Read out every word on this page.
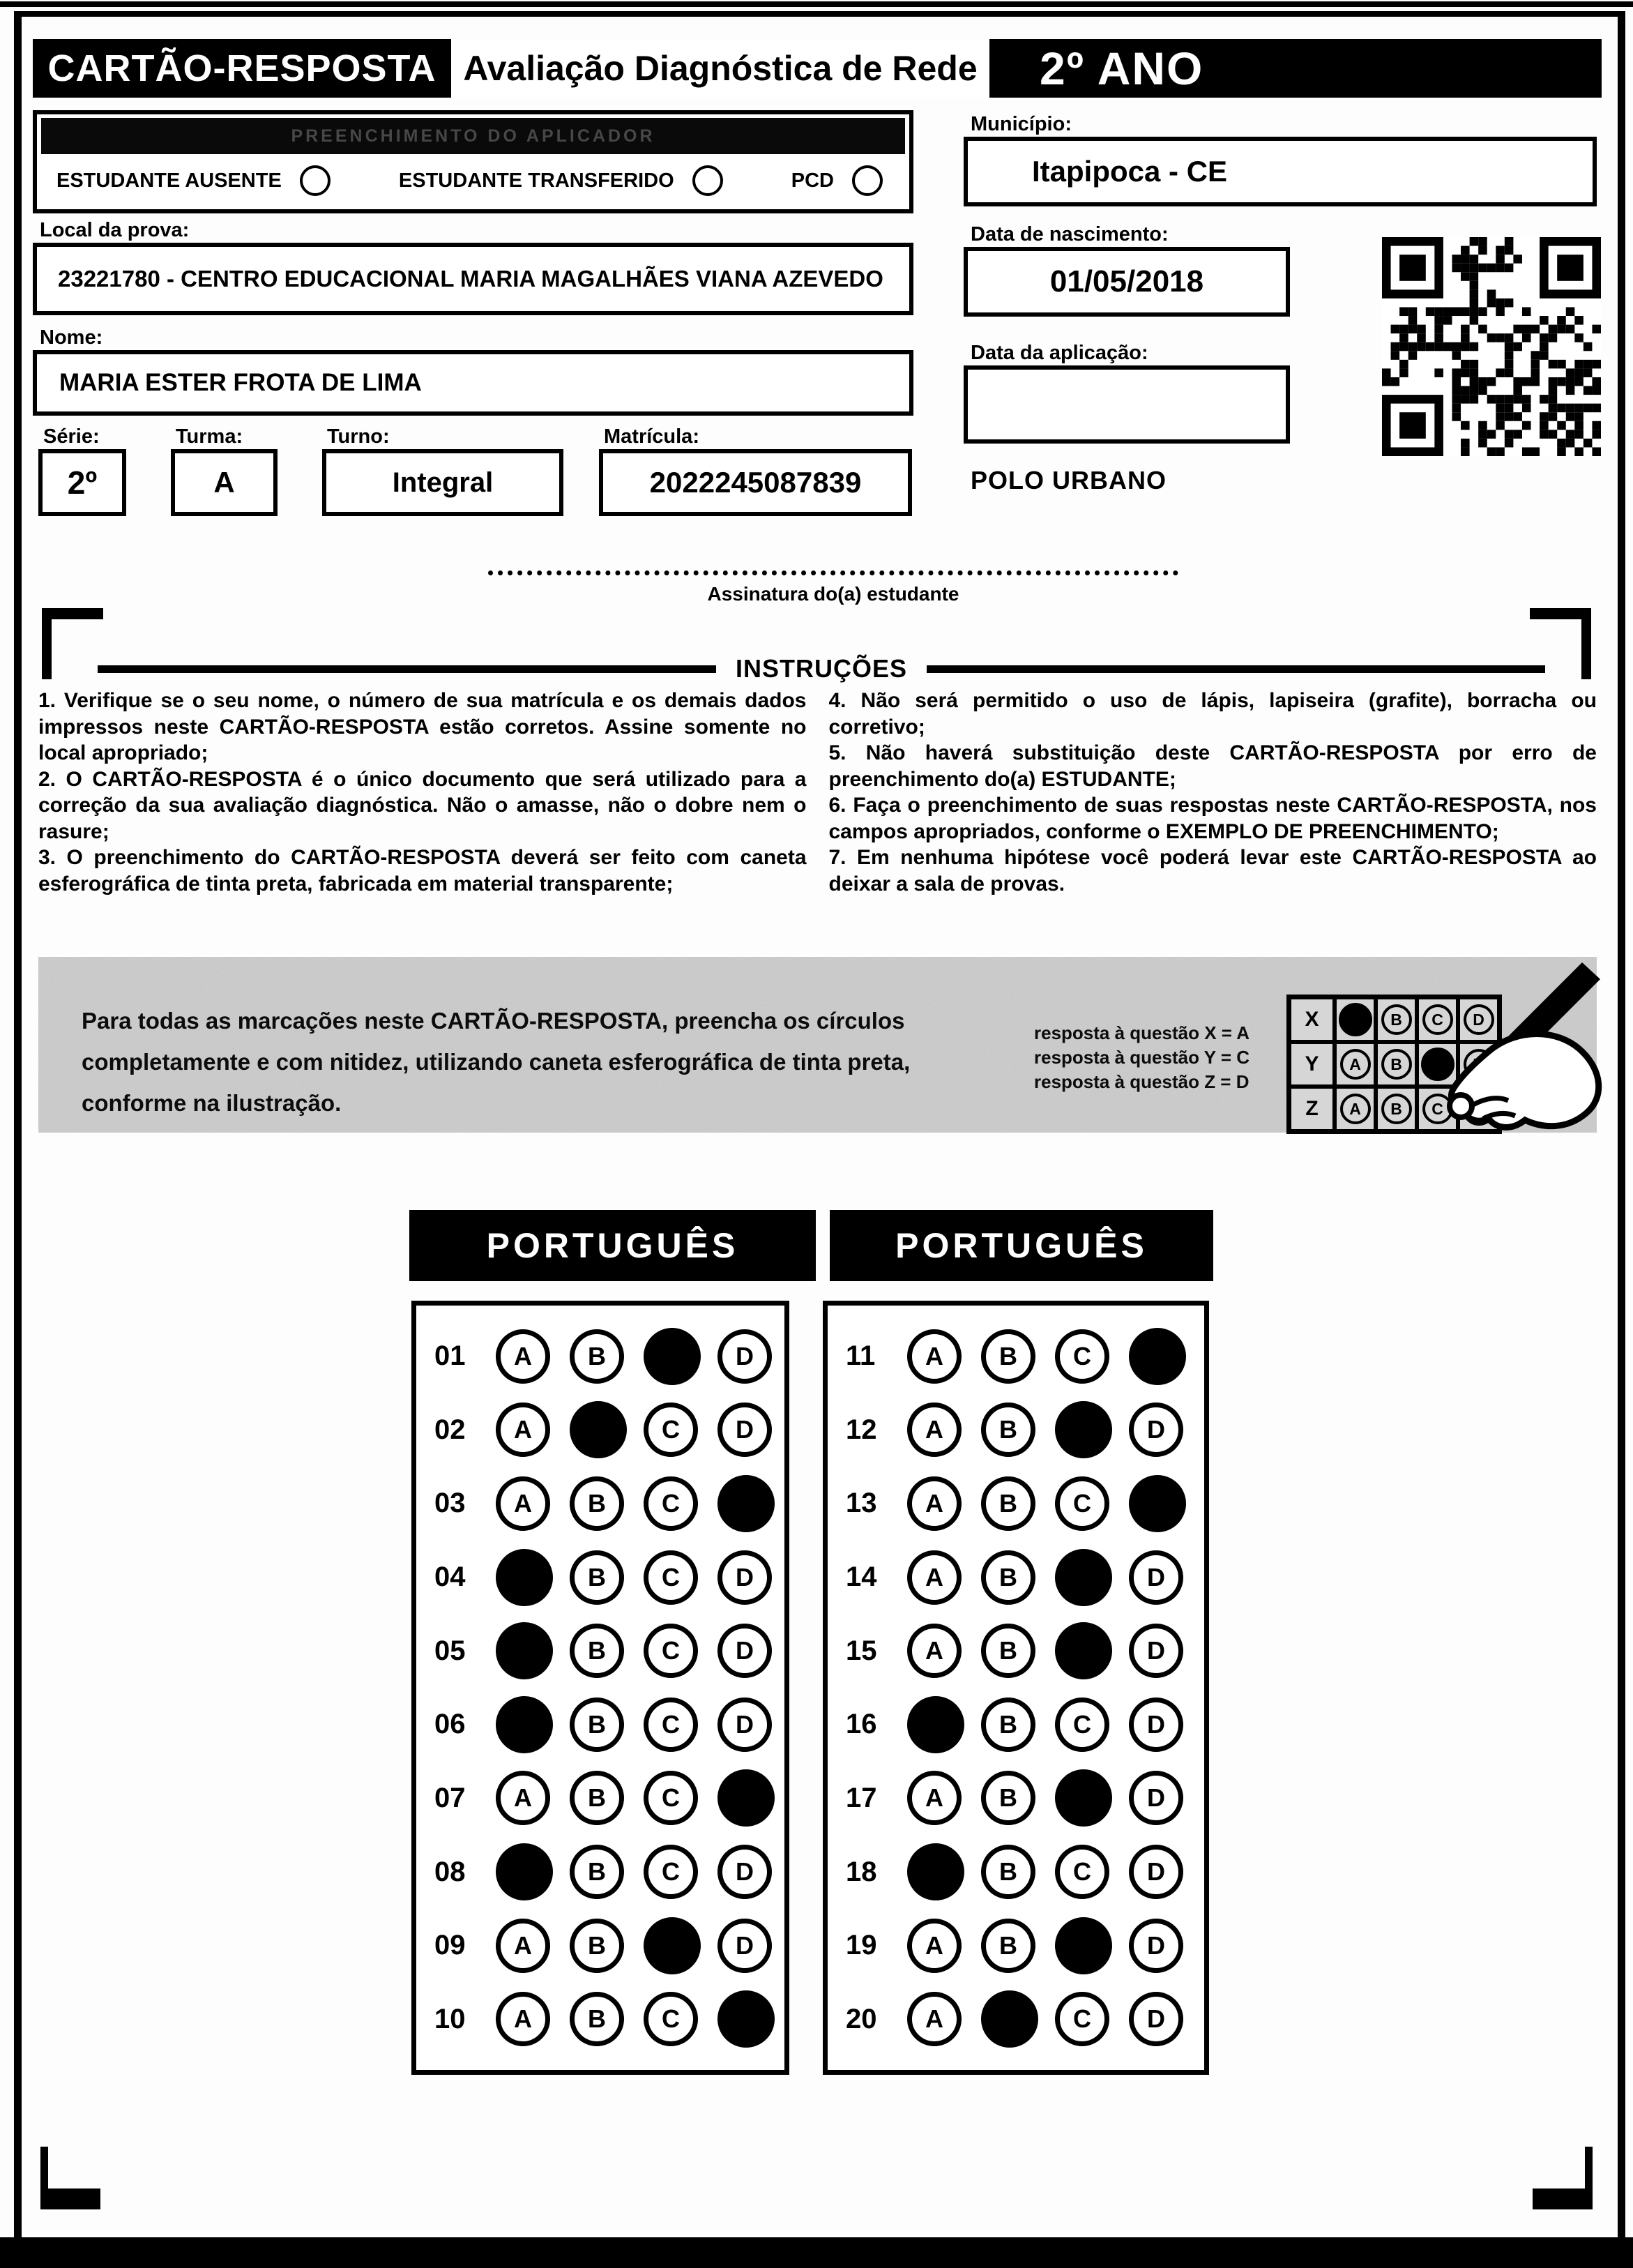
CARTÃO-RESPOSTA Avaliação Diagnóstica de Rede	2º ANO
PREENCHIMENTO DO APLICADOR
ESTUDANTE AUSENTE	ESTUDANTE TRANSFERIDO	PCD
Local da prova:
23221780 - CENTRO EDUCACIONAL MARIA MAGALHÃES VIANA AZEVEDO
Nome:
MARIA ESTER FROTA DE LIMA
Série:
2º
Turma:
A
Turno:
Integral
Matrícula:
2022245087839
Município:
Itapipoca - CE
Data de nascimento:
01/05/2018
Data da aplicação:
POLO URBANO
Assinatura do(a) estudante
INSTRUÇÕES

1. Verifique se o seu nome, o número de sua matrícula e os demais dados impressos neste CARTÃO-RESPOSTA estão corretos. Assine somente no local apropriado;

2. O CARTÃO-RESPOSTA é o único documento que será utilizado para a correção da sua avaliação diagnóstica. Não o amasse, não o dobre nem o rasure;

3. O preenchimento do CARTÃO-RESPOSTA deverá ser feito com caneta esferográfica de tinta preta, fabricada em material transparente;

4. Não será permitido o uso de lápis, lapiseira (grafite), borracha ou corretivo;

5. Não haverá substituição deste CARTÃO-RESPOSTA por erro de preenchimento do(a) ESTUDANTE;

6. Faça o preenchimento de suas respostas neste CARTÃO-RESPOSTA, nos campos apropriados, conforme o EXEMPLO DE PREENCHIMENTO;

7. Em nenhuma hipótese você poderá levar este CARTÃO-RESPOSTA ao deixar a sala de provas.

Para todas as marcações neste CARTÃO-RESPOSTA, preencha os círculos completamente e com nitidez, utilizando caneta esferográfica de tinta preta, conforme na ilustração.
resposta à questão X = A
resposta à questão Y = C
resposta à questão Z = D
X	B	C	D
Y	A	B
Z	A	B	C
PORTUGUÊS	PORTUGUÊS
01	A	B	D
02	A	C	D
03	A	B	C
04	B	C	D
05	B	C	D
06	B	C	D
07	A	B	C
08	B	C	D
09	A	B	D
10	A	B	C
11	A	B	C
12	A	B	D
13	A	B	C
14	A	B	D
15	A	B	D
16	B	C	D
17	A	B	D
18	B	C	D
19	A	B	D
20	A	C	D
